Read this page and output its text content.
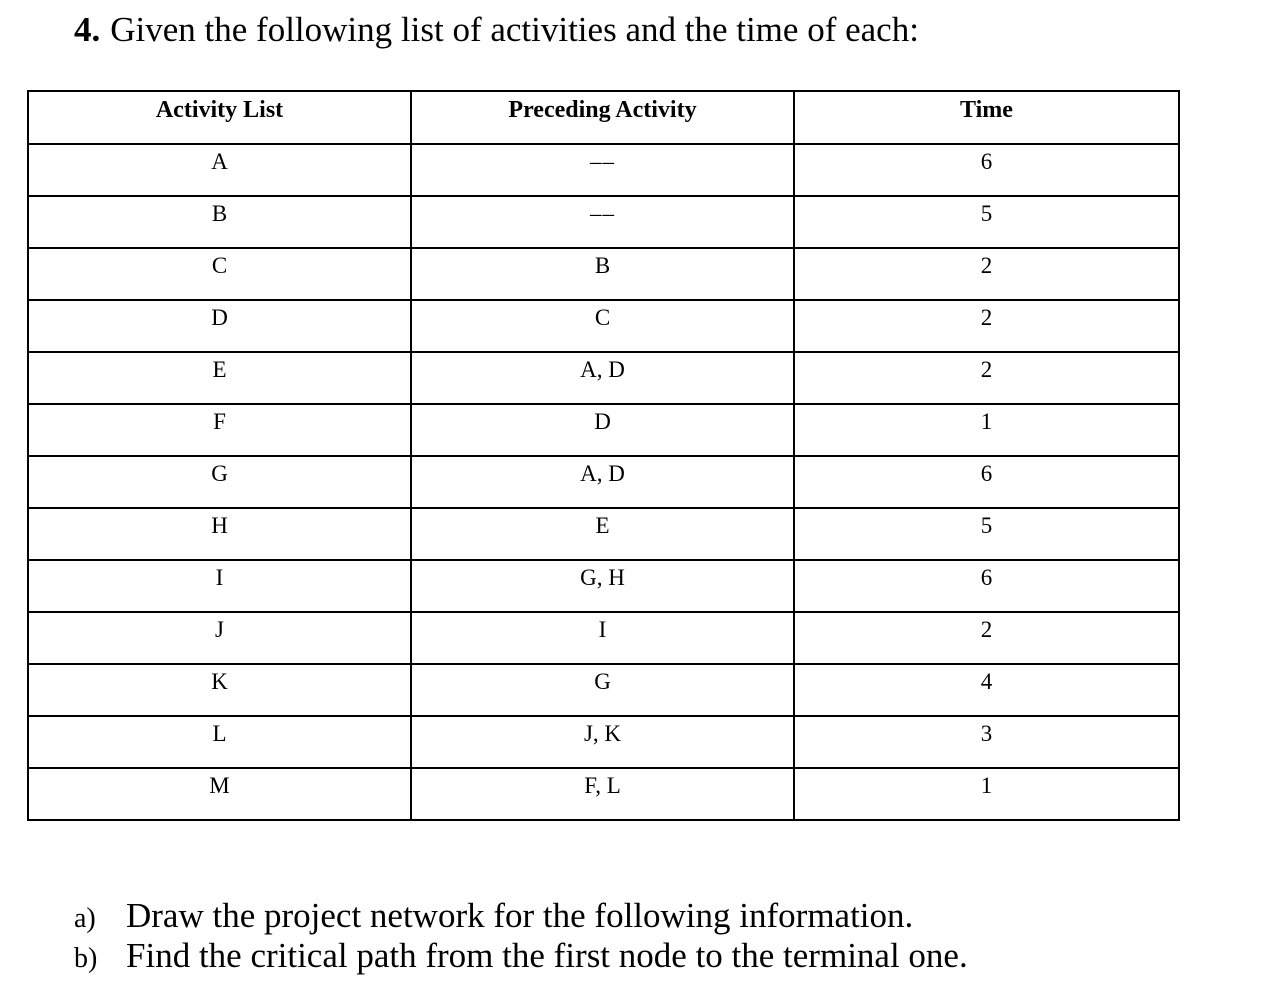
4. Given the following list of activities and the time of each:
Activity List	Preceding Activity	Time
A	––	6
B	––	5
C	B	2
D	C	2
E	A, D	2
F	D	1
G	A, D	6
H	E	5
I	G, H	6
J	I	2
K	G	4
L	J, K	3
M	F, L	1
a) Draw the project network for the following information.
b) Find the critical path from the first node to the terminal one.
